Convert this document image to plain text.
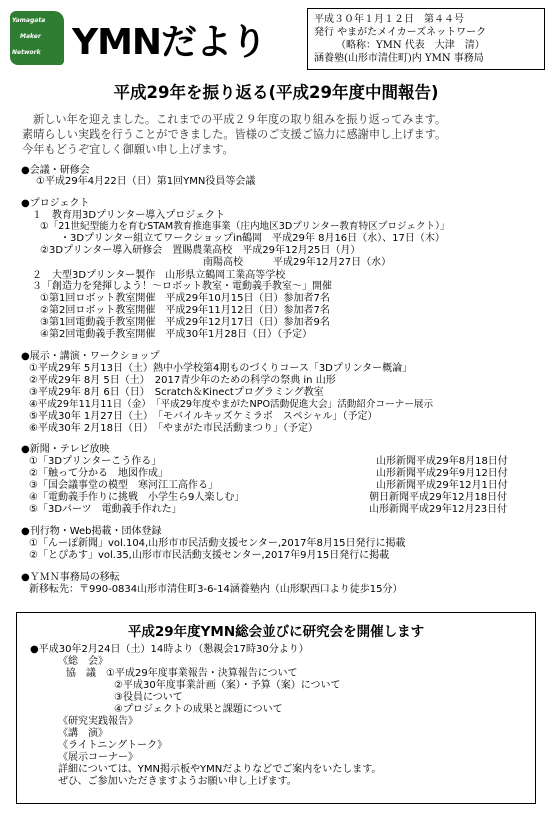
Yamagata
Maker
Network YMNだより
平成３０年１月１２日　第４４号
発行 やまがたメイカーズネットワーク
（略称：YMN 代表　大津　清）
涵養塾(山形市清住町)内 YMN 事務局
平成29年を振り返る(平成29年度中間報告)
新しい年を迎えました。これまでの平成２９年度の取り組みを振り返ってみます。
素晴らしい実践を行うことができました。皆様のご支援ご協力に感謝申し上げます。
今年もどうぞ宜しく御願い申し上げます。
●会議・研修会
①平成29年4月22日（日）第1回YMN役員等会議
●プロジェクト
１　教育用3Dプリンター導入プロジェクト
①「21世紀型能力を育むSTAM教育推進事業（庄内地区3Dプリンター教育特区プロジェクト）」
・3Dプリンター組立てワークショップin鶴岡　平成29年 8月16日（水）、17日（木）
②3Dプリンター導入研修会　置賜農業高校　平成29年12月25日（月）
南陽高校　　　平成29年12月27日（水）
２　大型3Dプリンター製作　山形県立鶴岡工業高等学校
３「創造力を発揮しよう！～ロボット教室・電動義手教室～」開催
①第1回ロボット教室開催　平成29年10月15日（日）参加者7名
②第2回ロボット教室開催　平成29年11月12日（日）参加者7名
③第1回電動義手教室開催　平成29年12月17日（日）参加者9名
④第2回電動義手教室開催　平成30年1月28日（日）（予定）
●展示・講演・ワークショップ
①平成29年 5月13日（土）熱中小学校第4期ものづくりコース「3Dプリンター概論」
②平成29年 8月 5日（土）　2017青少年のための科学の祭典 in 山形
③平成29年 8月 6日（日）　Scratch＆Kinectプログラミング教室
④平成29年11月11日（金）　「平成29年度やまがたNPO活動促進大会」活動紹介コーナー展示
⑤平成30年 1月27日（土）　「モバイルキッズケミラボ　スペシャル」（予定）
⑥平成30年 2月18日（日）　「やまがた市民活動まつり」（予定）
●新聞・テレビ放映
①「3Dプリンターこう作る」	山形新聞平成29年8月18日付
②「触って分かる　地図作成」	山形新聞平成29年9月12日付
③「国会議事堂の模型　寒河江工高作る」	山形新聞平成29年12月1日付
④「電動義手作りに挑戦　小学生ら9人楽しむ」	朝日新聞平成29年12月18日付
⑤「3Dパーツ　電動義手作れた」	山形新聞平成29年12月23日付
●刊行物・Web掲載・団体登録
①「んーぽ新聞」vol.104,山形市市民活動支援センター,2017年8月15日発行に掲載
②「とぴあす」vol.35,山形市市民活動支援センター,2017年9月15日発行に掲載
●ＹＭＮ事務局の移転
新移転先：〒990-0834山形市清住町3-6-14涵養塾内（山形駅西口より徒歩15分）
平成29年度YMN総会並びに研究会を開催します
●平成30年2月24日（土）14時より（懇親会17時30分より）
《総　会》
協　議　①平成29年度事業報告・決算報告について
②平成30年度事業計画（案）・予算（案）について
③役員について
④プロジェクトの成果と課題について
《研究実践報告》
《講　演》
《ライトニングトーク》
《展示コーナー》
詳細については、YMN掲示板やYMNだよりなどでご案内をいたします。
ぜひ、ご参加いただきますようお願い申し上げます。
